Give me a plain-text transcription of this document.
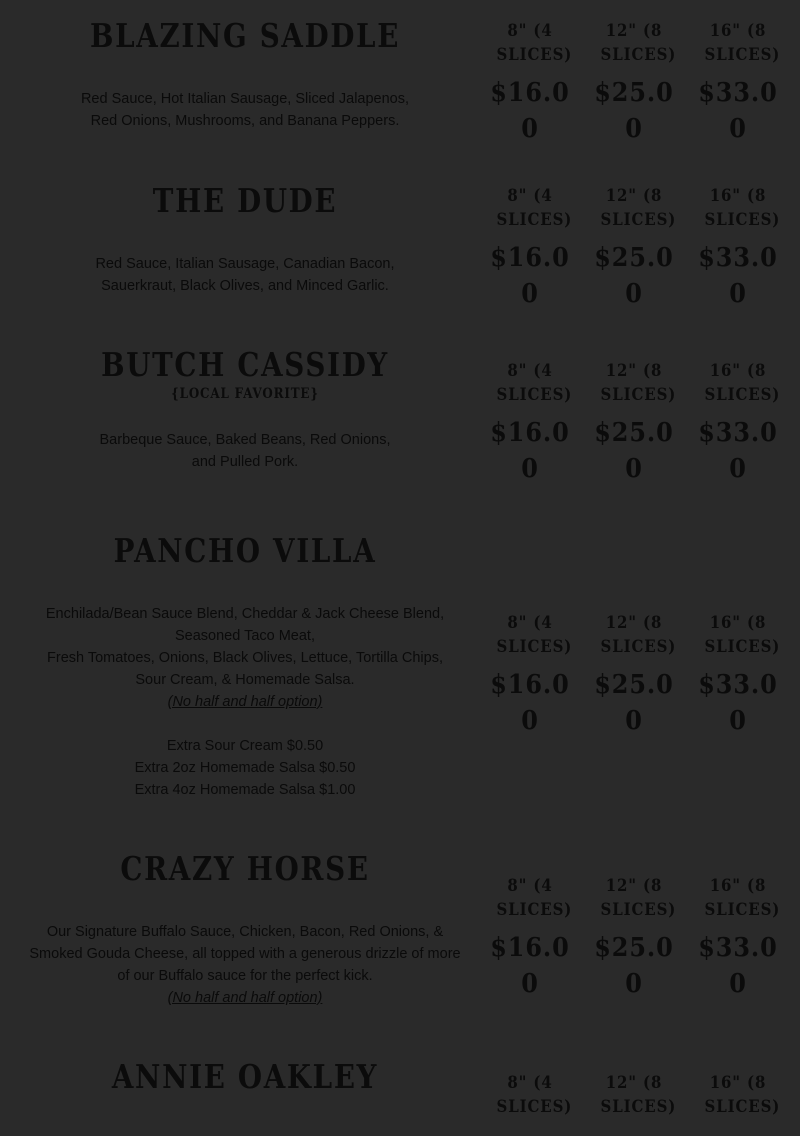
BLAZING SADDLE
Red Sauce, Hot Italian Sausage, Sliced Jalapenos,
Red Onions, Mushrooms, and Banana Peppers.
8" (4 SLICES)
$16.00
12" (8 SLICES)
$25.00
16" (8 SLICES)
$33.00
THE DUDE
Red Sauce, Italian Sausage, Canadian Bacon,
Sauerkraut, Black Olives, and Minced Garlic.
8" (4 SLICES)
$16.00
12" (8 SLICES)
$25.00
16" (8 SLICES)
$33.00
BUTCH CASSIDY
{LOCAL FAVORITE}
Barbeque Sauce, Baked Beans, Red Onions,
and Pulled Pork.
8" (4 SLICES)
$16.00
12" (8 SLICES)
$25.00
16" (8 SLICES)
$33.00
PANCHO VILLA
Enchilada/Bean Sauce Blend, Cheddar & Jack Cheese Blend,
Seasoned Taco Meat,
Fresh Tomatoes, Onions, Black Olives, Lettuce, Tortilla Chips,
Sour Cream, & Homemade Salsa.
(No half and half option)
Extra Sour Cream $0.50
Extra 2oz Homemade Salsa $0.50
Extra 4oz Homemade Salsa $1.00
8" (4 SLICES)
$16.00
12" (8 SLICES)
$25.00
16" (8 SLICES)
$33.00
CRAZY HORSE
Our Signature Buffalo Sauce, Chicken, Bacon, Red Onions, &
Smoked Gouda Cheese, all topped with a generous drizzle of more
of our Buffalo sauce for the perfect kick.
(No half and half option)
8" (4 SLICES)
$16.00
12" (8 SLICES)
$25.00
16" (8 SLICES)
$33.00
ANNIE OAKLEY	8" (4 SLICES)
12" (8 SLICES)
16" (8 SLICES)
